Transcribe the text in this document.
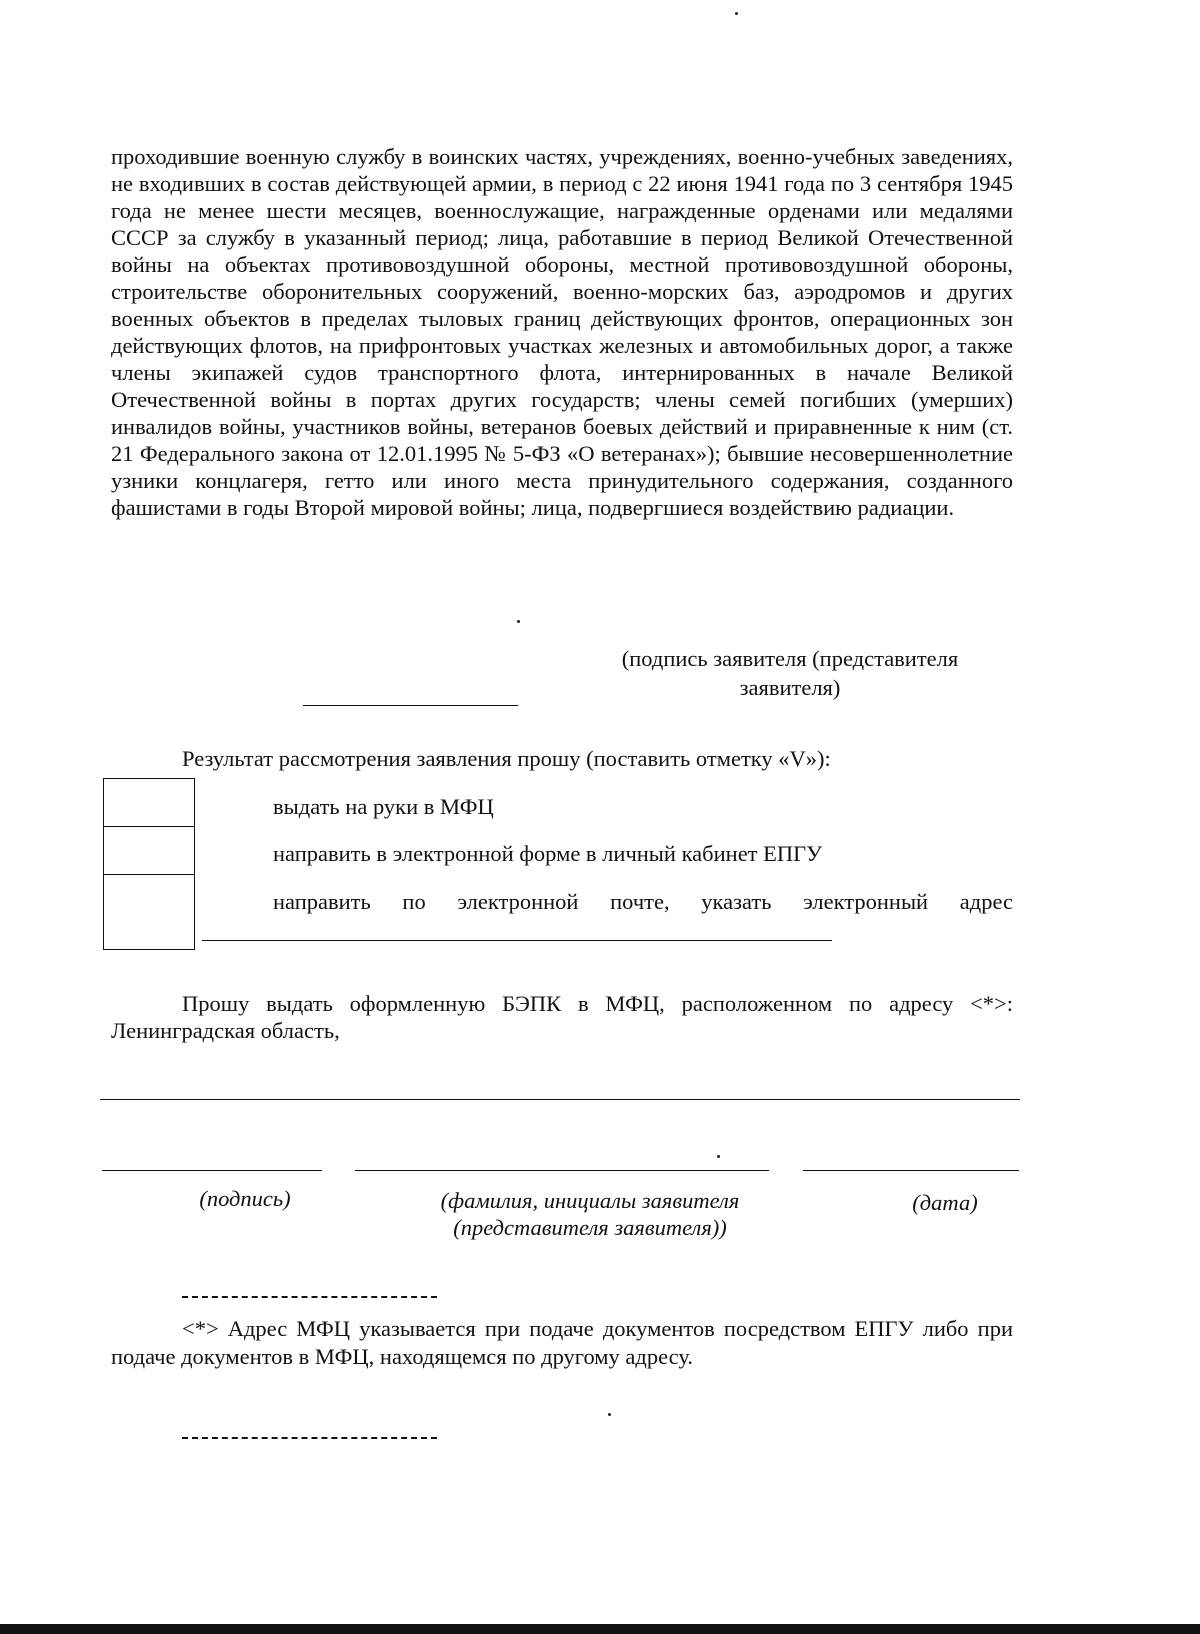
проходившие военную службу в воинских частях, учреждениях, военно-учебных заведениях, не входивших в состав действующей армии, в период с 22 июня 1941 года по 3 сентября 1945 года не менее шести месяцев, военнослужащие, награжденные орденами или медалями СССР за службу в указанный период; лица, работавшие в период Великой Отечественной войны на объектах противовоздушной обороны, местной противовоздушной обороны, строительстве оборонительных сооружений, военно-морских баз, аэродромов и других военных объектов в пределах тыловых границ действующих фронтов, операционных зон действующих флотов, на прифронтовых участках железных и автомобильных дорог, а также члены экипажей судов транспортного флота, интернированных в начале Великой Отечественной войны в портах других государств; члены семей погибших (умерших) инвалидов войны, участников войны, ветеранов боевых действий и приравненные к ним (ст. 21 Федерального закона от 12.01.1995 № 5-ФЗ «О ветеранах»); бывшие несовершеннолетние узники концлагеря, гетто или иного места принудительного содержания, созданного фашистами в годы Второй мировой войны; лица, подвергшиеся воздействию радиации.

(подпись заявителя (представителя заявителя)
Результат рассмотрения заявления прошу (поставить отметку «V»):
выдать на руки в МФЦ
направить в электронной форме в личный кабинет ЕПГУ
направить по электронной почте, указать электронный адрес

Прошу выдать оформленную БЭПК в МФЦ, расположенном по адресу <*>: Ленинградская область,

(подпись)	(фамилия, инициалы заявителя (представителя заявителя))
(дата)

<*> Адрес МФЦ указывается при подаче документов посредством ЕПГУ либо при подаче документов в МФЦ, находящемся по другому адресу.
